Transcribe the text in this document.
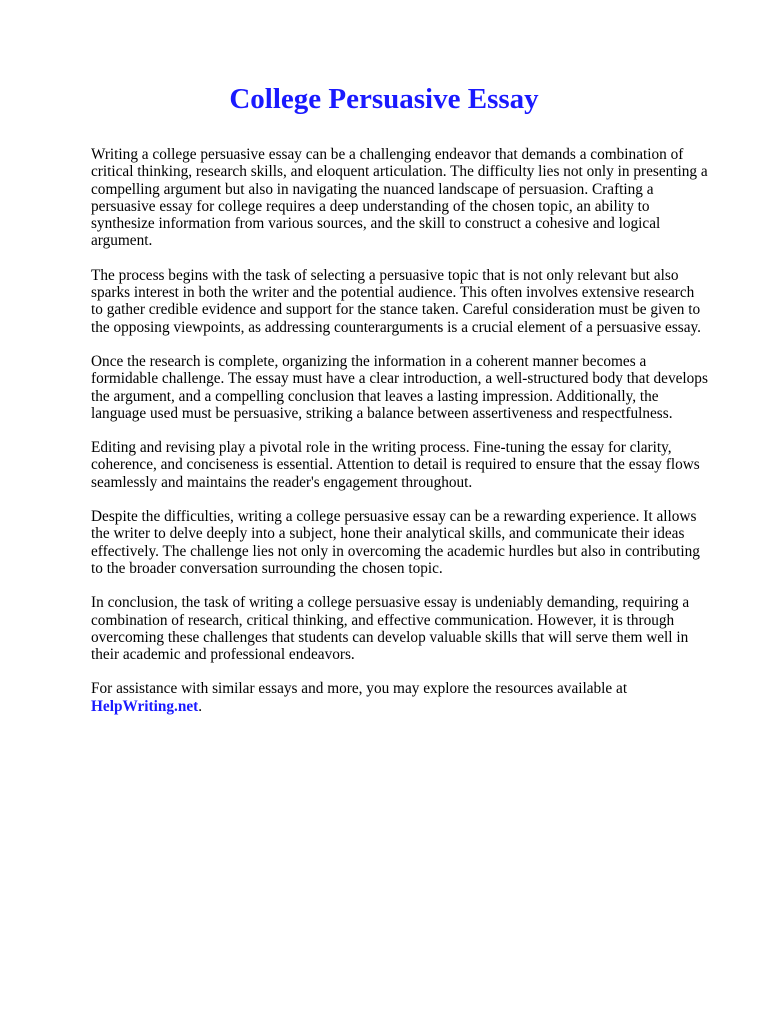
College Persuasive Essay

Writing a college persuasive essay can be a challenging endeavor that demands a combination of critical thinking, research skills, and eloquent articulation. The difficulty lies not only in presenting a compelling argument but also in navigating the nuanced landscape of persuasion. Crafting a persuasive essay for college requires a deep understanding of the chosen topic, an ability to synthesize information from various sources, and the skill to construct a cohesive and logical argument.

The process begins with the task of selecting a persuasive topic that is not only relevant but also sparks interest in both the writer and the potential audience. This often involves extensive research to gather credible evidence and support for the stance taken. Careful consideration must be given to the opposing viewpoints, as addressing counterarguments is a crucial element of a persuasive essay.

Once the research is complete, organizing the information in a coherent manner becomes a formidable challenge. The essay must have a clear introduction, a well-structured body that develops the argument, and a compelling conclusion that leaves a lasting impression. Additionally, the language used must be persuasive, striking a balance between assertiveness and respectfulness.

Editing and revising play a pivotal role in the writing process. Fine-tuning the essay for clarity, coherence, and conciseness is essential. Attention to detail is required to ensure that the essay flows seamlessly and maintains the reader's engagement throughout.

Despite the difficulties, writing a college persuasive essay can be a rewarding experience. It allows the writer to delve deeply into a subject, hone their analytical skills, and communicate their ideas effectively. The challenge lies not only in overcoming the academic hurdles but also in contributing to the broader conversation surrounding the chosen topic.

In conclusion, the task of writing a college persuasive essay is undeniably demanding, requiring a combination of research, critical thinking, and effective communication. However, it is through overcoming these challenges that students can develop valuable skills that will serve them well in their academic and professional endeavors.

For assistance with similar essays and more, you may explore the resources available at
HelpWriting.net.
